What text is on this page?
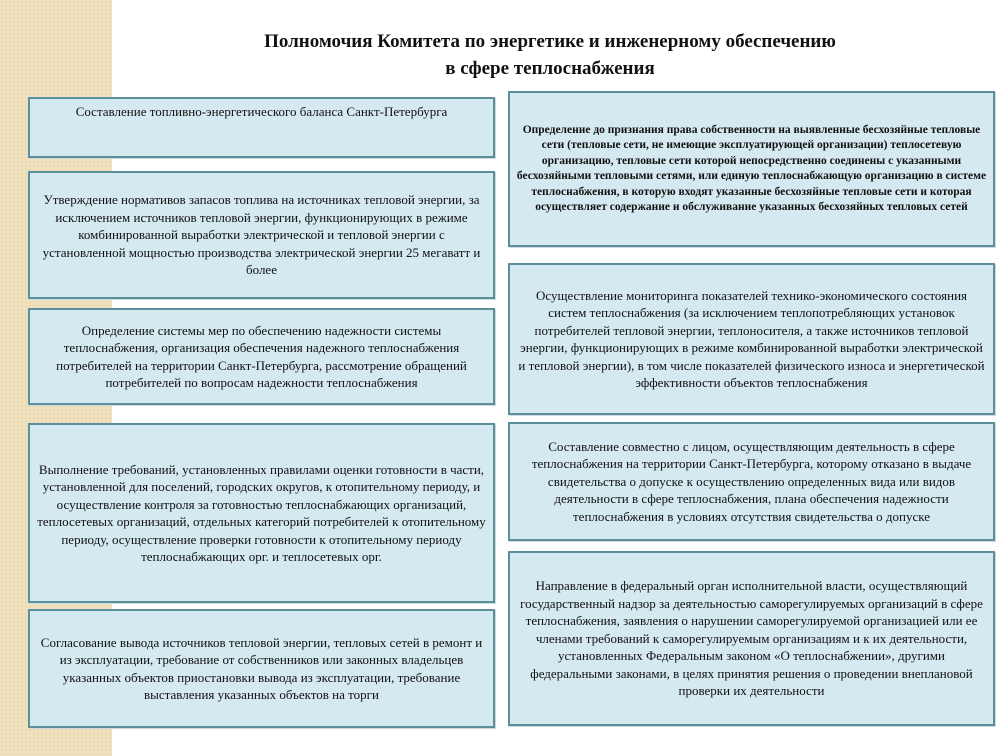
Полномочия Комитета по энергетике и инженерному обеспечению
в сфере теплоснабжения
Составление топливно-энергетического баланса Санкт-Петербурга
Утверждение нормативов запасов топлива на источниках тепловой энергии, за исключением источников тепловой энергии, функционирующих в режиме комбинированной выработки электрической и тепловой энергии с установленной мощностью производства электрической энергии 25 мегаватт и более
Определение системы мер по обеспечению надежности системы теплоснабжения, организация обеспечения надежного теплоснабжения потребителей на территории Санкт-Петербурга, рассмотрение обращений потребителей по вопросам надежности теплоснабжения
Выполнение требований, установленных правилами оценки готовности в части, установленной для поселений, городских округов, к отопительному периоду, и осуществление контроля за готовностью теплоснабжающих организаций, теплосетевых организаций, отдельных категорий потребителей к отопительному периоду, осуществление проверки готовности к отопительному периоду теплоснабжающих орг. и теплосетевых орг.
Согласование вывода источников тепловой энергии, тепловых сетей в ремонт и из эксплуатации, требование от собственников или законных владельцев указанных объектов приостановки вывода из эксплуатации, требование выставления указанных объектов на торги
Определение до признания права собственности на выявленные бесхозяйные тепловые сети (тепловые сети, не имеющие эксплуатирующей организации) теплосетевую организацию, тепловые сети которой непосредственно соединены с указанными бесхозяйными тепловыми сетями, или единую теплоснабжающую организацию в системе теплоснабжения, в которую входят указанные бесхозяйные тепловые сети и которая осуществляет содержание и обслуживание указанных бесхозяйных тепловых сетей
Осуществление мониторинга показателей технико-экономического состояния систем теплоснабжения (за исключением теплопотребляющих установок потребителей тепловой энергии, теплоносителя, а также источников тепловой энергии, функционирующих в режиме комбинированной выработки электрической и тепловой энергии), в том числе показателей физического износа и энергетической эффективности объектов теплоснабжения
Составление совместно с лицом, осуществляющим деятельность в сфере теплоснабжения на территории Санкт-Петербурга, которому отказано в выдаче свидетельства о допуске к осуществлению определенных вида или видов деятельности в сфере теплоснабжения, плана обеспечения надежности теплоснабжения в условиях отсутствия свидетельства о допуске
Направление в федеральный орган исполнительной власти, осуществляющий государственный надзор за деятельностью саморегулируемых организаций в сфере теплоснабжения, заявления о нарушении саморегулируемой организацией или ее членами требований к саморегулируемым организациям и к их деятельности, установленных Федеральным законом «О теплоснабжении», другими федеральными законами, в целях принятия решения о проведении внеплановой проверки их деятельности
